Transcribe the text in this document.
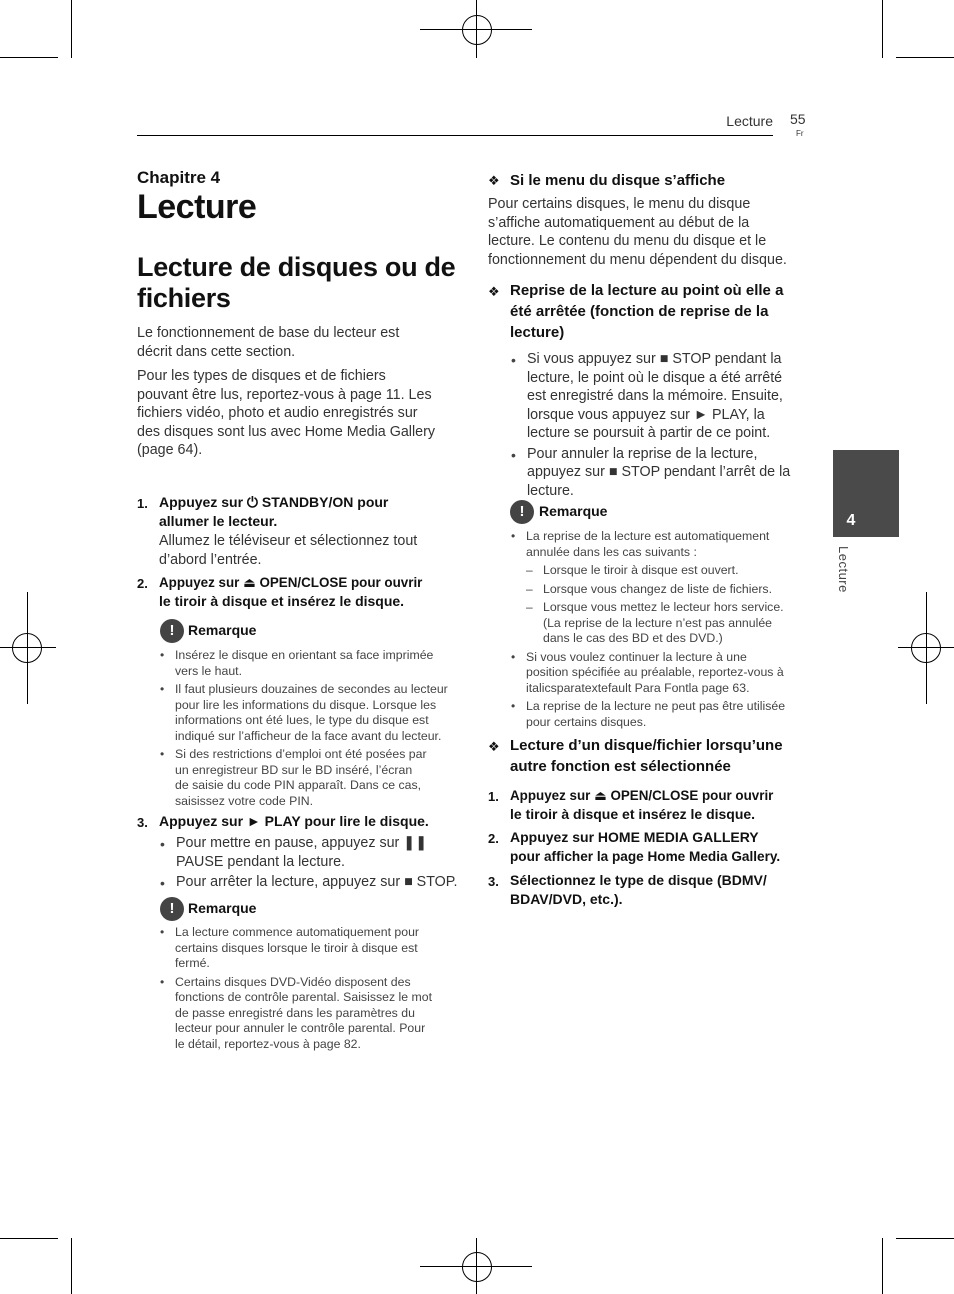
Lecture 55
Fr
4
Lecture
Chapitre 4
Lecture
Lecture de disques ou de
fichiers
Le fonctionnement de base du lecteur est
décrit dans cette section.
Pour les types de disques et de fichiers
pouvant être lus, reportez-vous à page 11. Les
fichiers vidéo, photo et audio enregistrés sur
des disques sont lus avec Home Media Gallery
(page 64).
1. Appuyez sur ⏻ STANDBY/ON pour
allumer le lecteur.
Allumez le téléviseur et sélectionnez tout
d’abord l’entrée.
2. Appuyez sur ⏏ OPEN/CLOSE pour ouvrir
le tiroir à disque et insérez le disque.
! Remarque
• Insérez le disque en orientant sa face imprimée
vers le haut.
• Il faut plusieurs douzaines de secondes au lecteur
pour lire les informations du disque. Lorsque les
informations ont été lues, le type du disque est
indiqué sur l’afficheur de la face avant du lecteur.
• Si des restrictions d’emploi ont été posées par
un enregistreur BD sur le BD inséré, l’écran
de saisie du code PIN apparaît. Dans ce cas,
saisissez votre code PIN.
3. Appuyez sur ► PLAY pour lire le disque.
• Pour mettre en pause, appuyez sur ❚❚
PAUSE pendant la lecture.
• Pour arrêter la lecture, appuyez sur ■ STOP.
! Remarque
• La lecture commence automatiquement pour
certains disques lorsque le tiroir à disque est
fermé.
• Certains disques DVD-Vidéo disposent des
fonctions de contrôle parental. Saisissez le mot
de passe enregistré dans les paramètres du
lecteur pour annuler le contrôle parental. Pour
le détail, reportez-vous à page 82.
❖ Si le menu du disque s’affiche
Pour certains disques, le menu du disque
s’affiche automatiquement au début de la
lecture. Le contenu du menu du disque et le
fonctionnement du menu dépendent du disque.
❖ Reprise de la lecture au point où elle a
été arrêtée (fonction de reprise de la
lecture)
• Si vous appuyez sur ■ STOP pendant la
lecture, le point où le disque a été arrêté
est enregistré dans la mémoire. Ensuite,
lorsque vous appuyez sur ► PLAY, la
lecture se poursuit à partir de ce point.
• Pour annuler la reprise de la lecture,
appuyez sur ■ STOP pendant l’arrêt de la
lecture.
!	Remarque
• La reprise de la lecture est automatiquement
annulée dans les cas suivants :
– Lorsque le tiroir à disque est ouvert.
– Lorsque vous changez de liste de fichiers.
– Lorsque vous mettez le lecteur hors service.
(La reprise de la lecture n’est pas annulée
dans le cas des BD et des DVD.)
• Si vous voulez continuer la lecture à une
position spécifiée au préalable, reportez-vous à
italicsparatextefault Para Fontla page 63.
• La reprise de la lecture ne peut pas être utilisée
pour certains disques.
❖ Lecture d’un disque/fichier lorsqu’une
autre fonction est sélectionnée
1. Appuyez sur ⏏ OPEN/CLOSE pour ouvrir
le tiroir à disque et insérez le disque.
2. Appuyez sur HOME MEDIA GALLERY
pour afficher la page Home Media Gallery.
3. Sélectionnez le type de disque (BDMV/
BDAV/DVD, etc.).
